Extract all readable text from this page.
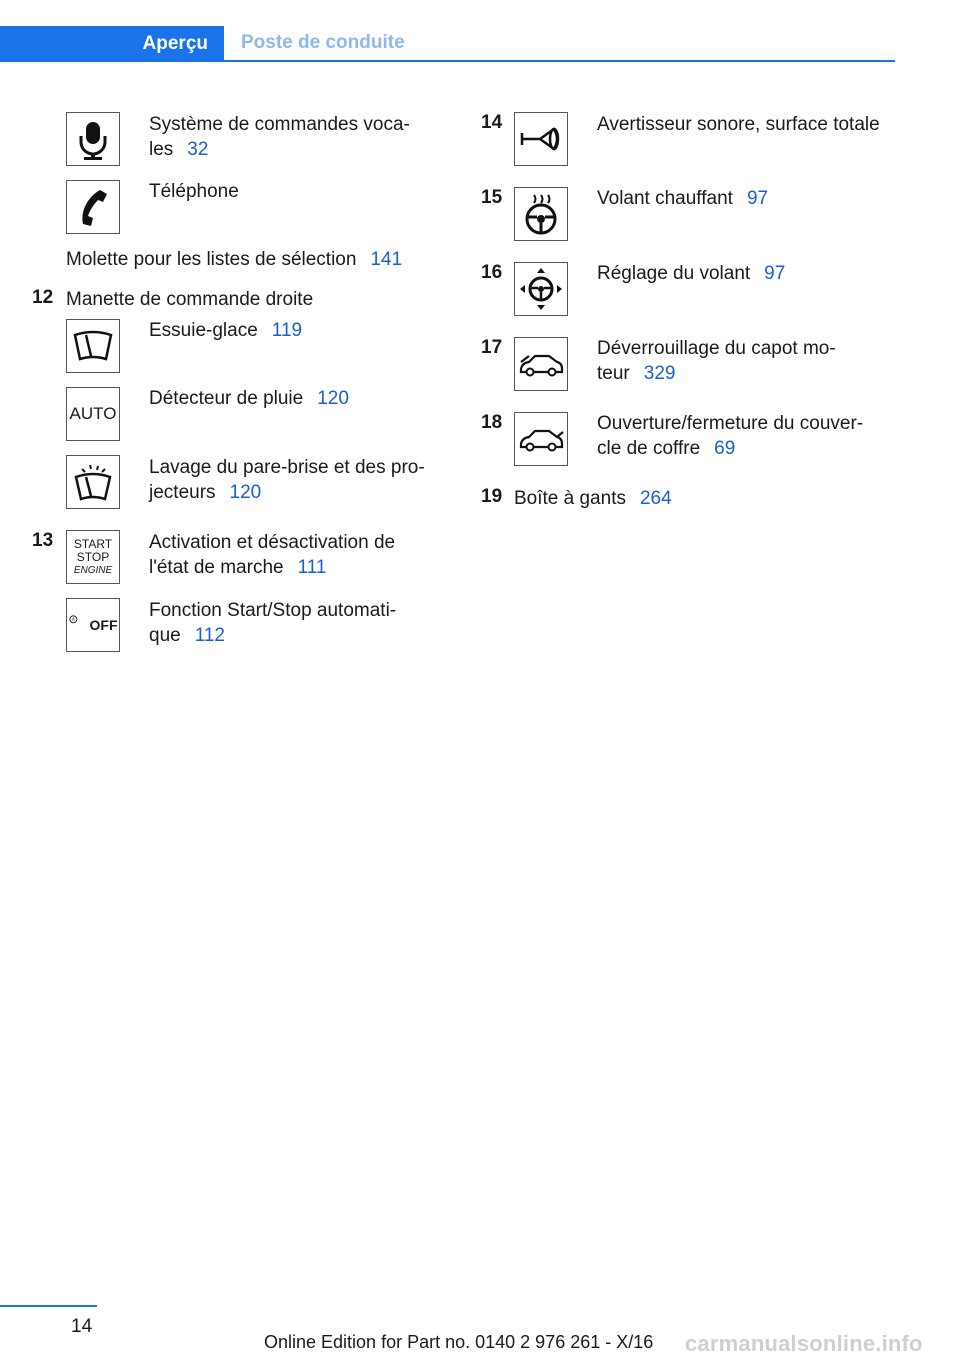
Aperçu	Poste de conduite
Système de commandes voca-
les 32
Téléphone
Molette pour les listes de sélection 141
12 Manette de commande droite
Essuie-glace 119
AUTO
Détecteur de pluie 120
Lavage du pare-brise et des pro-
jecteurs 120
13 START
STOP
ENGINE
Activation et désactivation de
l'état de marche 111
A OFF
Fonction Start/Stop automati-
que 112
14	Avertisseur sonore, surface totale
15	Volant chauffant 97
16	Réglage du volant 97
17	Déverrouillage du capot mo-
teur 329
18	Ouverture/fermeture du couver-
cle de coffre 69
19 Boîte à gants 264
14
Online Edition for Part no. 0140 2 976 261 - X/16 carmanualsonline.info
